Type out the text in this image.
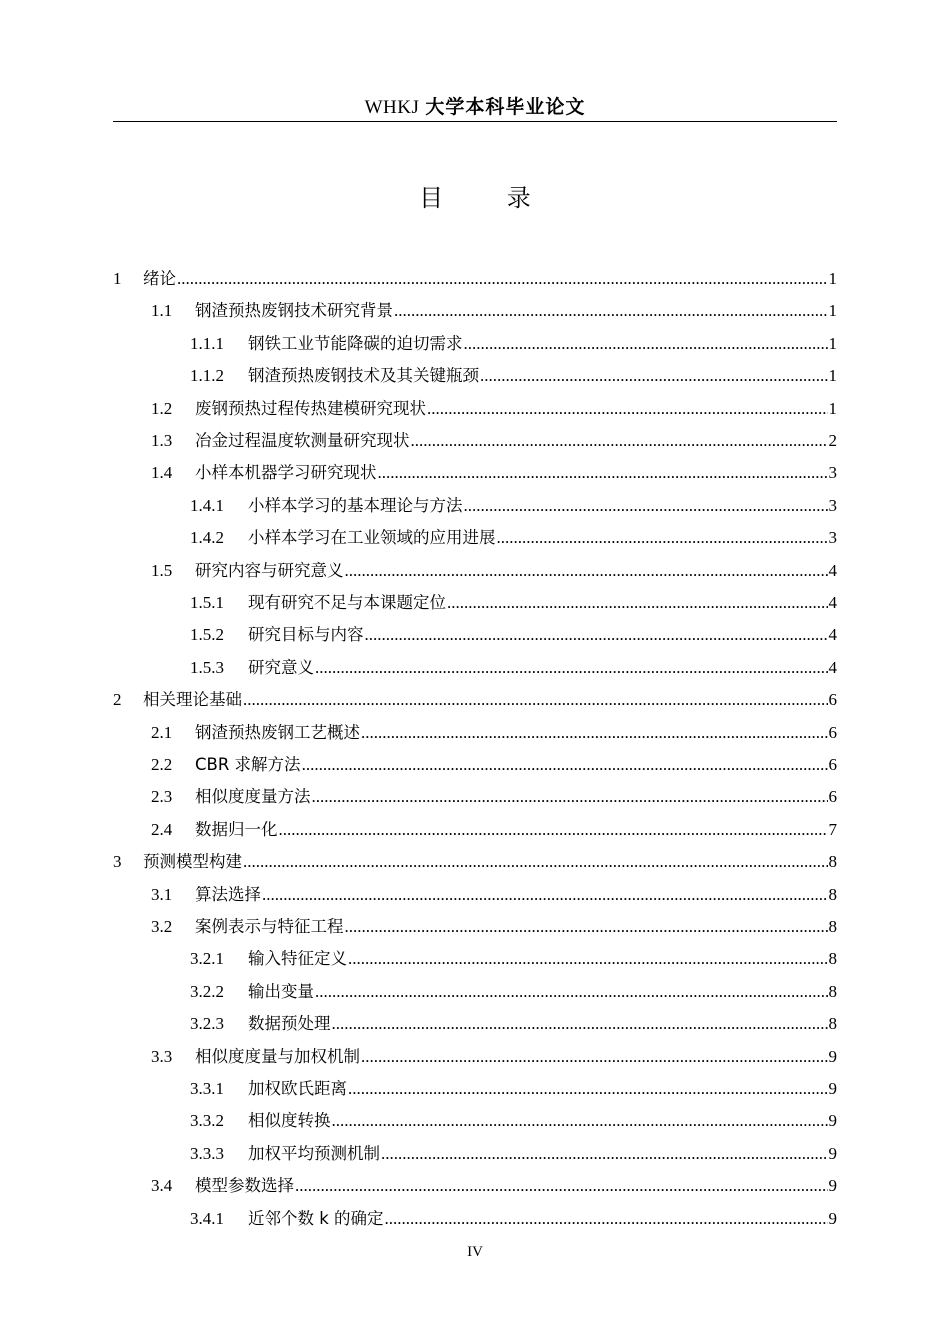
WHKJ 大学本科毕业论文
目 录
1	绪论 .....	1
1.1	钢渣预热废钢技术研究背景 .....	1
1.1.1	钢铁工业节能降碳的迫切需求 .....	1
1.1.2	钢渣预热废钢技术及其关键瓶颈 .....	1
1.2	废钢预热过程传热建模研究现状 .....	1
1.3	冶金过程温度软测量研究现状 .....	2
1.4	小样本机器学习研究现状 .....	3
1.4.1	小样本学习的基本理论与方法 .....	3
1.4.2	小样本学习在工业领域的应用进展 .....	3
1.5	研究内容与研究意义 .....	4
1.5.1	现有研究不足与本课题定位 .....	4
1.5.2	研究目标与内容 .....	4
1.5.3	研究意义 .....	4
2	相关理论基础 .....	6
2.1	钢渣预热废钢工艺概述 .....	6
2.2	CBR 求解方法 .....	6
2.3	相似度度量方法 .....	6
2.4	数据归一化 .....	7
3	预测模型构建 .....	8
3.1	算法选择 .....	8
3.2	案例表示与特征工程 .....	8
3.2.1	输入特征定义 .....	8
3.2.2	输出变量 .....	8
3.2.3	数据预处理 .....	8
3.3	相似度度量与加权机制 .....	9
3.3.1	加权欧氏距离 .....	9
3.3.2	相似度转换 .....	9
3.3.3	加权平均预测机制 .....	9
3.4	模型参数选择 .....	9
3.4.1	近邻个数 k 的确定 .....	9
IV
